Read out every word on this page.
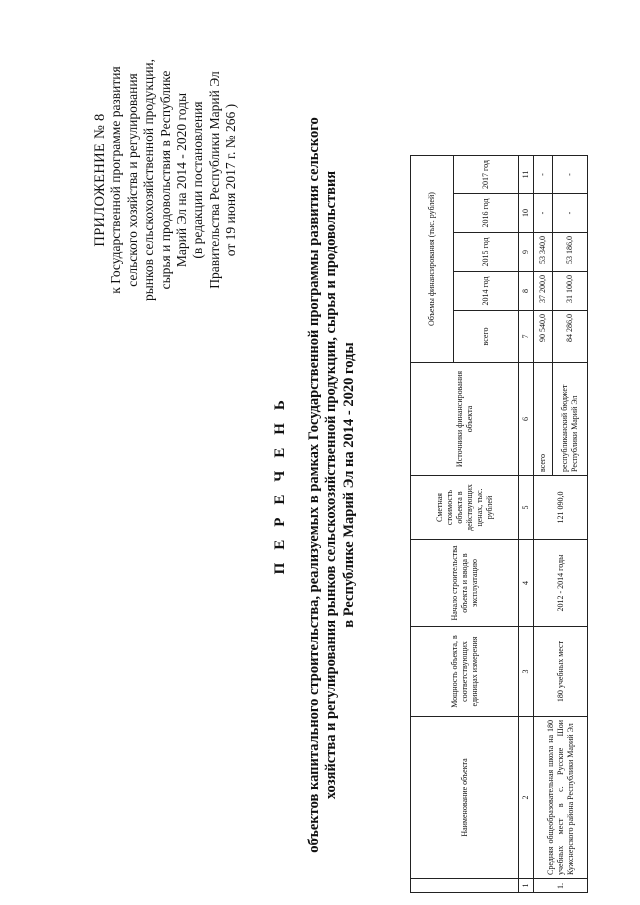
ПРИЛОЖЕНИЕ № 8 к Государственной программе развития сельского хозяйства и регулирования рынков сельскохозяйственной продукции, сырья и продовольствия в Республике Марий Эл на 2014 - 2020 годы (в редакции постановления Правительства Республики Марий Эл от 19 июня 2017 г. № 266 )
П Е Р Е Ч Е Н Ь объектов капитального строительства, реализуемых в рамках Государственной программы развития сельского хозяйства и регулирования рынков сельскохозяйственной продукции, сырья и продовольствия в Республике Марий Эл на 2014 - 2020 годы
	Наименование объекта	Мощность объекта, в соответствующих единицах измерения	Начало строительства объекта и ввода в эксплуатацию	Сметная стоимость объекта в действующих ценах, тыс. рублей	Источники финансирования объекта	Объемы финансирования (тыс. рублей)				
						всего	2014 год	2015 год	2016 год	2017 год
1	2	3	4	5	6	7	8	9	10	11
1.	Средняя общеобразовательная школа на 180 учебных мест в с. Русские Шои Кужснерского района Республики Марий Эл	180 учебных мест	2012 - 2014 годы	121 090,0	всего	90 540,0	37 200,0	53 340,0	-	-
					республиканский бюджет Республики Марий Эл	84 286,0	31 100,0	53 186,0	-	-
